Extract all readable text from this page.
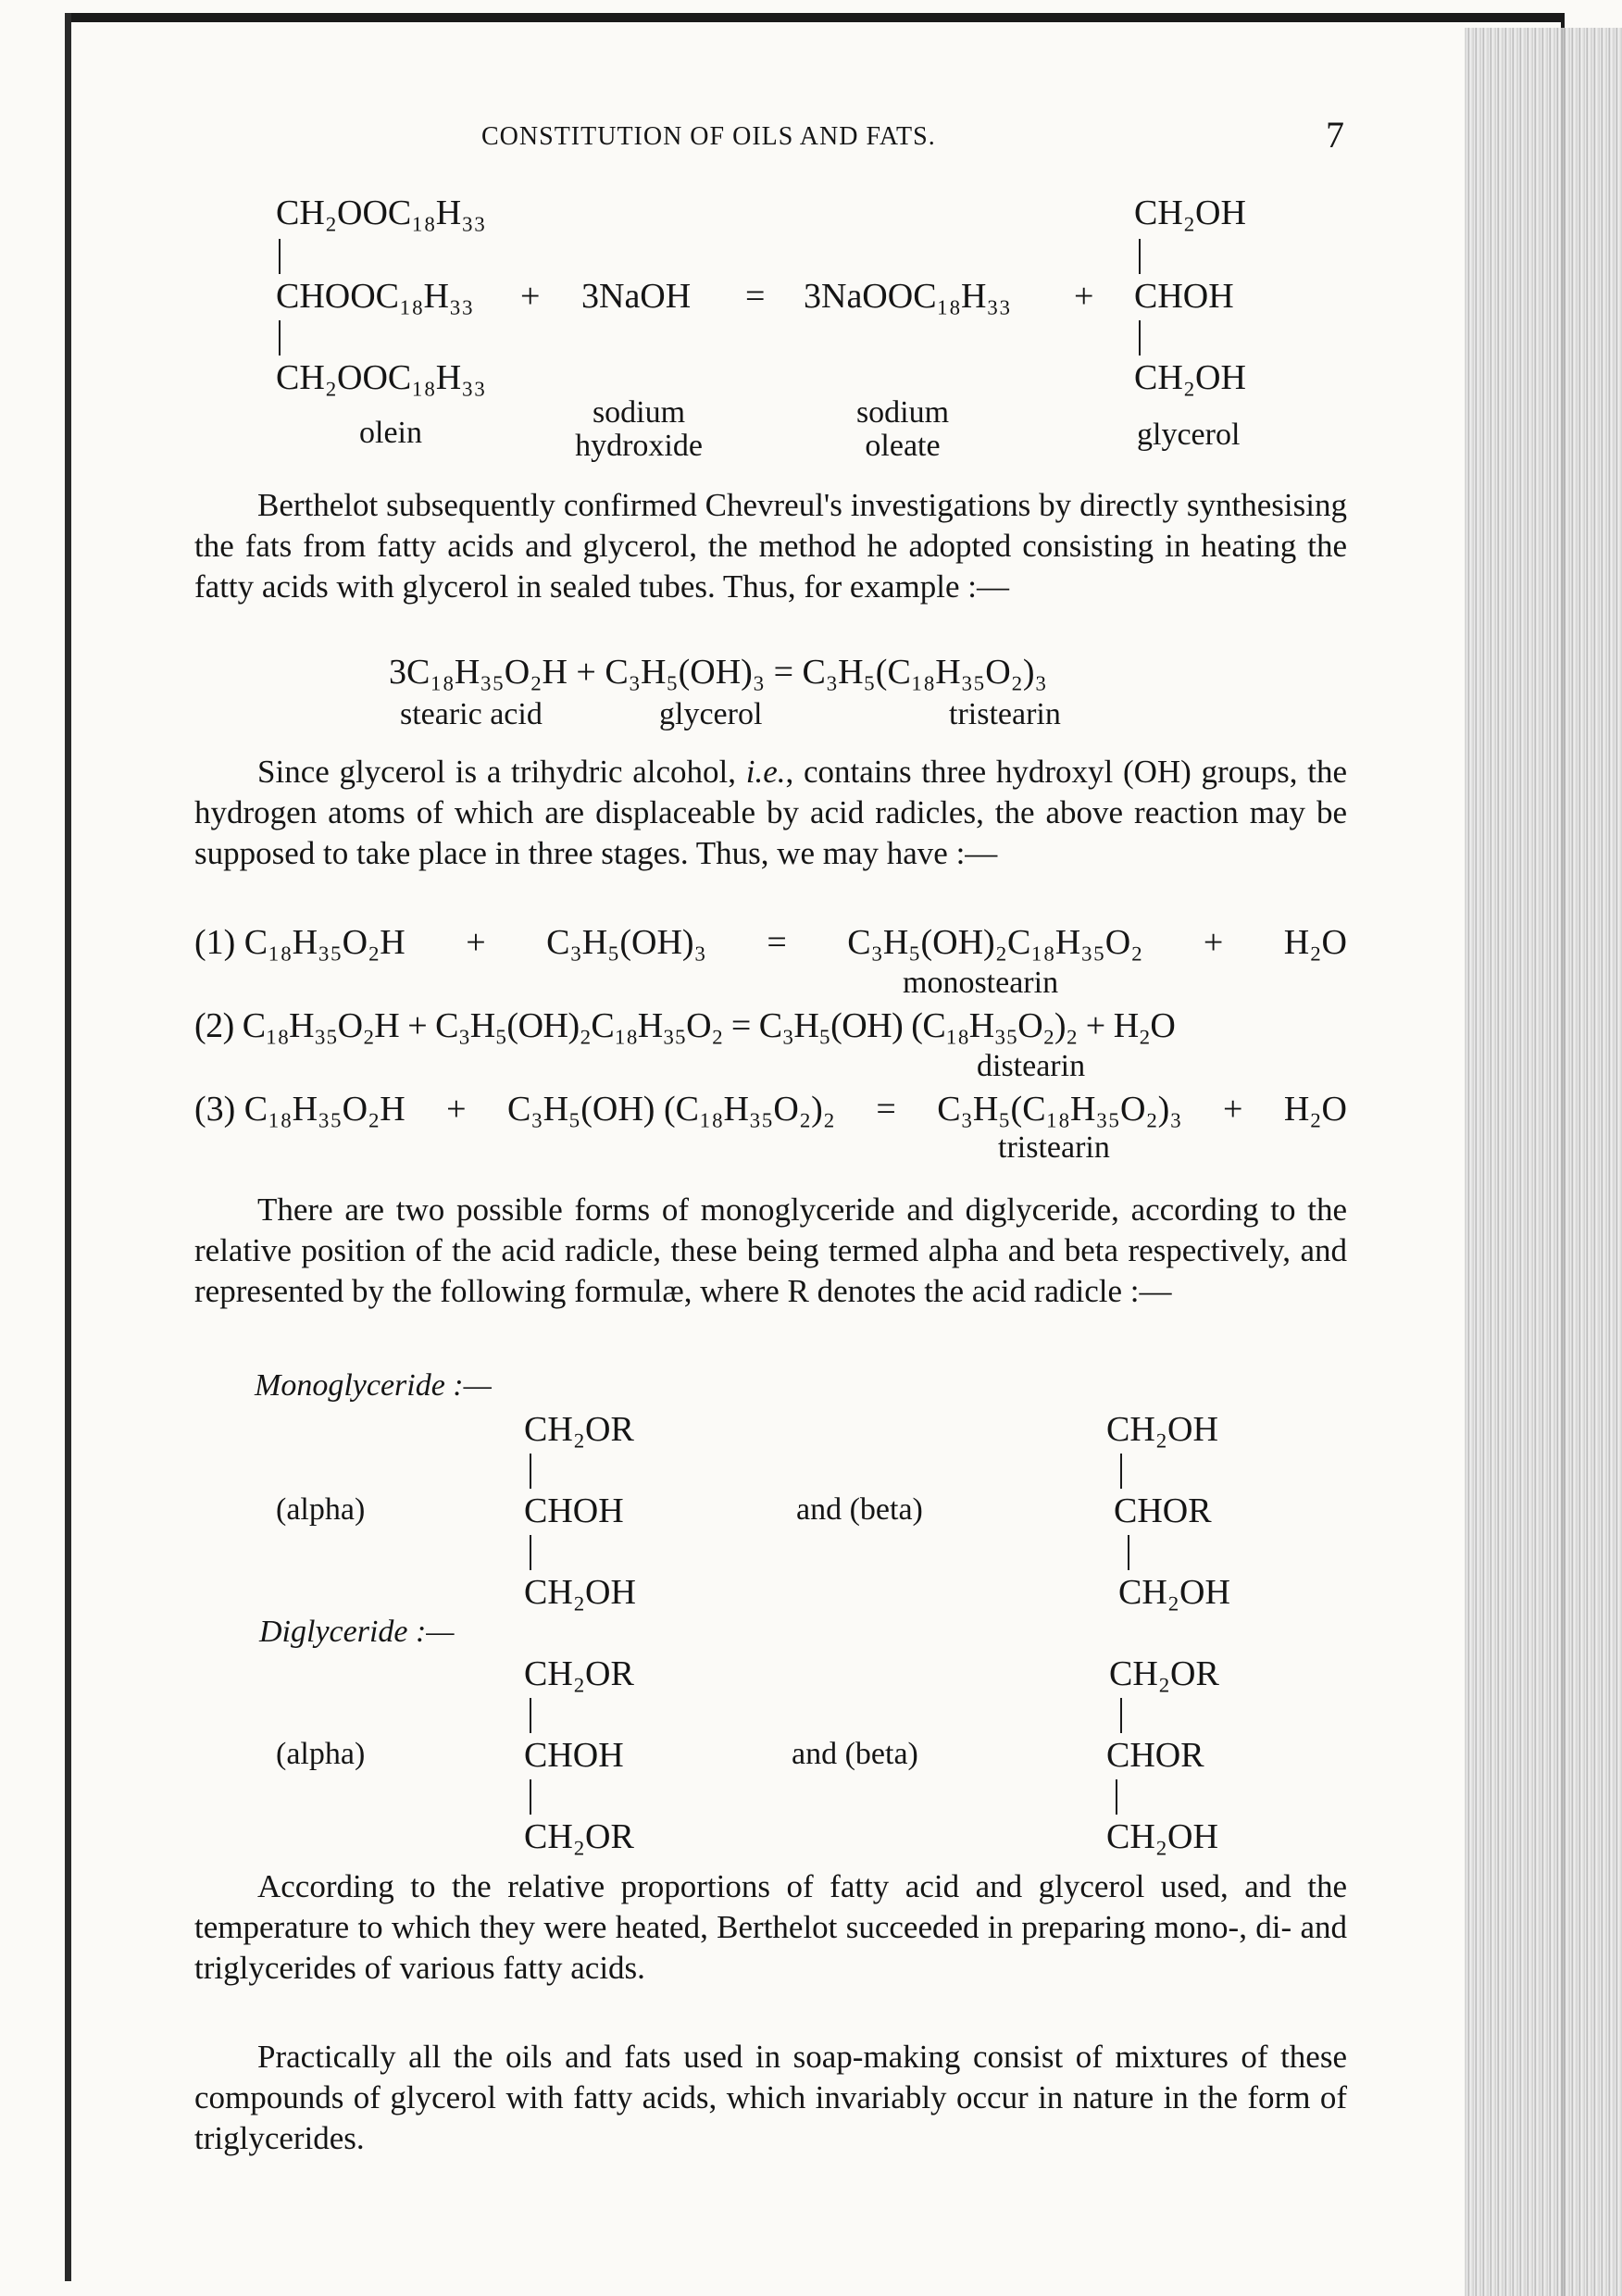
CONSTITUTION OF OILS AND FATS.	7
CH₂OOC₁₈H₃₃
CHOOC₁₈H₃₃
CH₂OOC₁₈H₃₃
+ 3NaOH = 3NaOOC₁₈H₃₃ +
CH₂OH
CHOH
CH₂OH
olein
sodium
hydroxide
sodium
oleate	glycerol

Berthelot subsequently confirmed Chevreul's investigations by directly synthesising the fats from fatty acids and glycerol, the method he adopted consisting in heating the fatty acids with glycerol in sealed tubes. Thus, for example :—

3C₁₈H₃₅O₂H + C₃H₅(OH)₃ = C₃H₅(C₁₈H₃₅O₂)₃
stearic acid	glycerol	tristearin

Since glycerol is a trihydric alcohol, i.e., contains three hydroxyl (OH) groups, the hydrogen atoms of which are displaceable by acid radicles, the above reaction may be supposed to take place in three stages. Thus, we may have :—

(1) C₁₈H₃₅O₂H + C₃H₅(OH)₃ = C₃H₅(OH)₂C₁₈H₃₅O₂ + H₂O
monostearin
(2) C₁₈H₃₅O₂H + C₃H₅(OH)₂C₁₈H₃₅O₂ = C₃H₅(OH) (C₁₈H₃₅O₂)₂ + H₂O
distearin
(3) C₁₈H₃₅O₂H + C₃H₅(OH) (C₁₈H₃₅O₂)₂ = C₃H₅(C₁₈H₃₅O₂)₃ + H₂O
tristearin

There are two possible forms of monoglyceride and diglyceride, according to the relative position of the acid radicle, these being termed alpha and beta respectively, and represented by the following formulæ, where R denotes the acid radicle :—

Monoglyceride :—
CH₂OR
(alpha)	CHOH
CH₂OH
and (beta)
CH₂OH
CHOR
CH₂OH
Diglyceride :—
CH₂OR
(alpha)	CHOH
CH₂OR
and (beta)
CH₂OR
CHOR
CH₂OH

According to the relative proportions of fatty acid and glycerol used, and the temperature to which they were heated, Berthelot succeeded in preparing mono-, di- and triglycerides of various fatty acids.

Practically all the oils and fats used in soap-making consist of mixtures of these compounds of glycerol with fatty acids, which invariably occur in nature in the form of triglycerides.
